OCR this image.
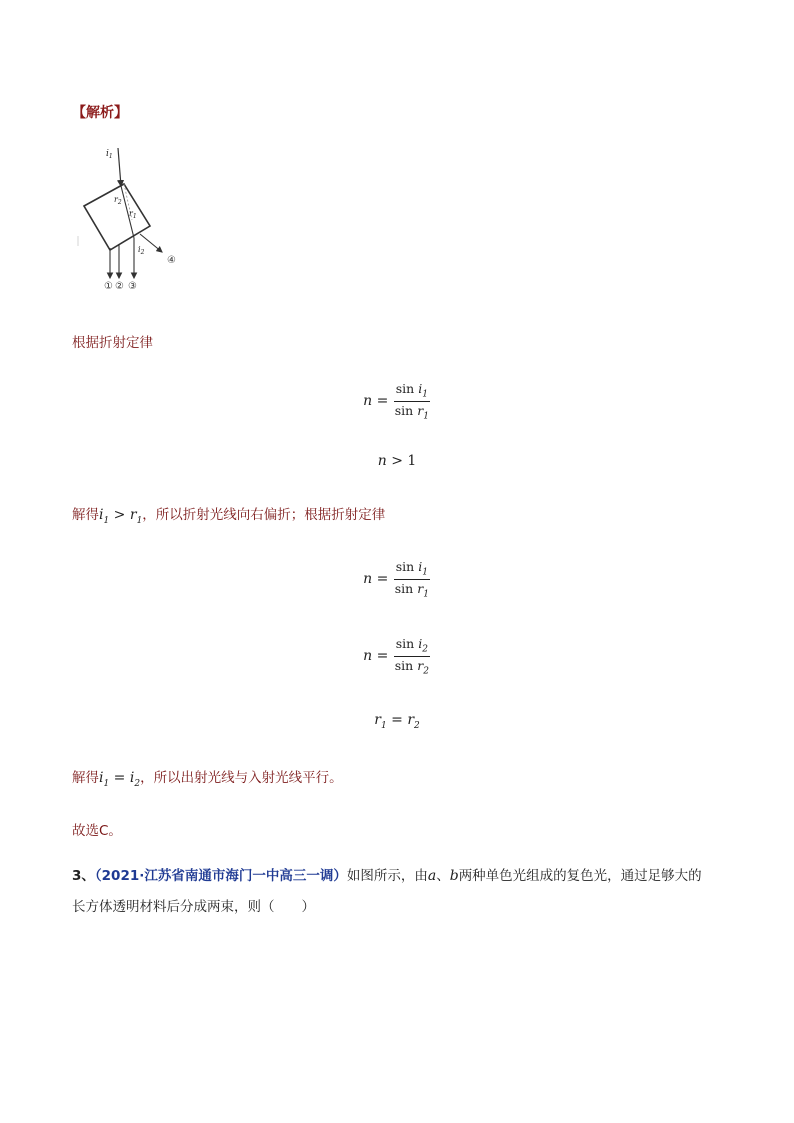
【解析】
$i_1$
$r_2$
$r_1$
$i_2$
① ② ③
④
根据折射定律
$n = \frac{\sin i_1}{\sin r_1}$
n > 1
解得$i_1 > r_1$，所以折射光线向右偏折；根据折射定律
$n = \frac{\sin i_1}{\sin r_1}$
$n = \frac{\sin i_2}{\sin r_2}$
$r_1 = r_2$
解得$i_1 = i_2$，所以出射光线与入射光线平行。
故选C。
3、（2021·江苏省南通市海门一中高三一调）如图所示，由a、b两种单色光组成的复色光，通过足够大的
长方体透明材料后分成两束，则（　　）
